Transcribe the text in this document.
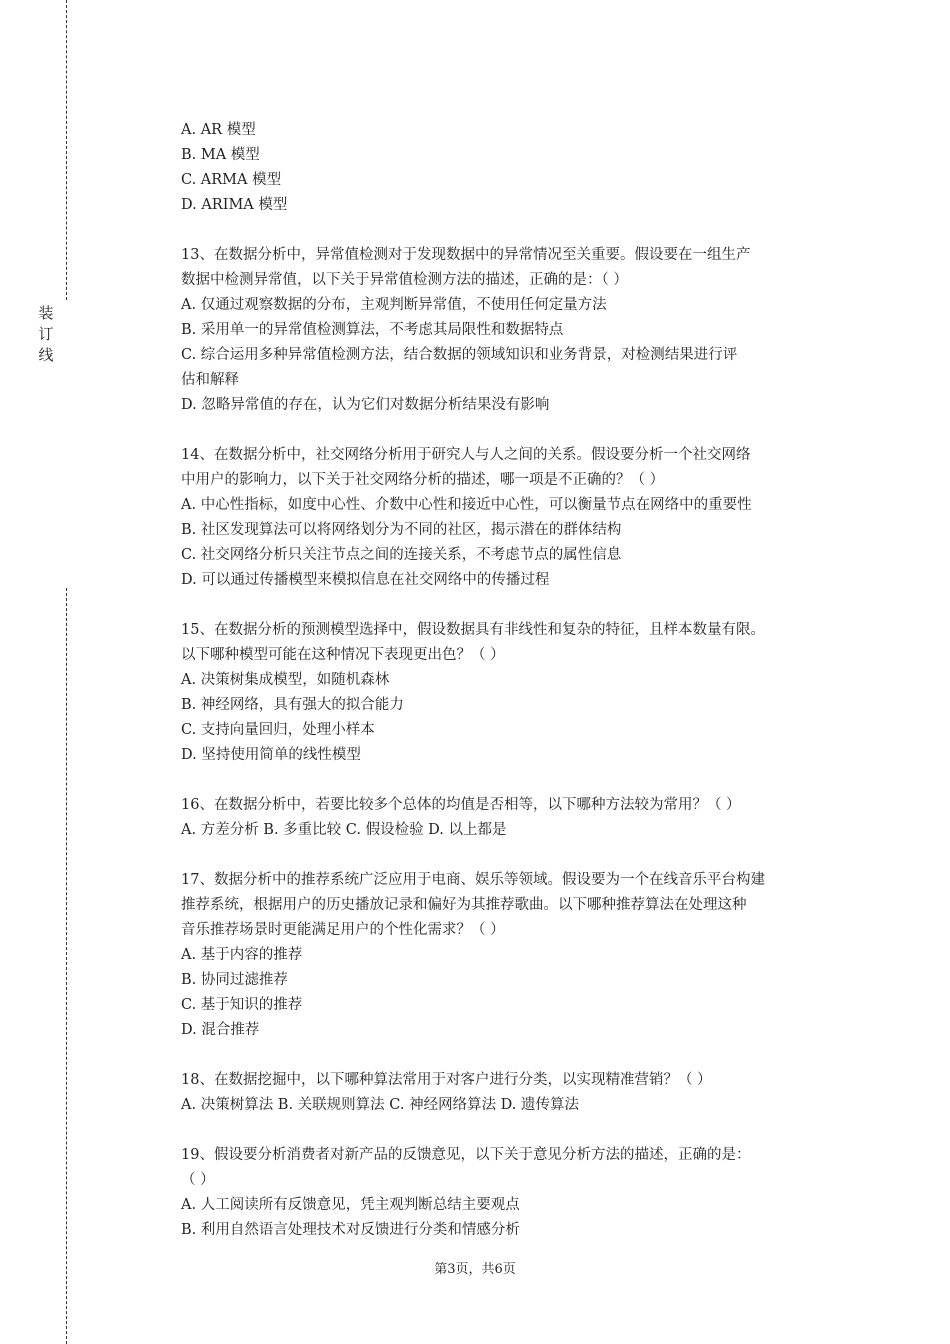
装订线
A. AR 模型
B. MA 模型
C. ARMA 模型
D. ARIMA 模型
13、在数据分析中，异常值检测对于发现数据中的异常情况至关重要。假设要在一组生产
数据中检测异常值，以下关于异常值检测方法的描述，正确的是：（ ）
A. 仅通过观察数据的分布，主观判断异常值，不使用任何定量方法
B. 采用单一的异常值检测算法，不考虑其局限性和数据特点
C. 综合运用多种异常值检测方法，结合数据的领域知识和业务背景，对检测结果进行评
估和解释
D. 忽略异常值的存在，认为它们对数据分析结果没有影响
14、在数据分析中，社交网络分析用于研究人与人之间的关系。假设要分析一个社交网络
中用户的影响力，以下关于社交网络分析的描述，哪一项是不正确的？（ ）
A. 中心性指标，如度中心性、介数中心性和接近中心性，可以衡量节点在网络中的重要性
B. 社区发现算法可以将网络划分为不同的社区，揭示潜在的群体结构
C. 社交网络分析只关注节点之间的连接关系，不考虑节点的属性信息
D. 可以通过传播模型来模拟信息在社交网络中的传播过程
15、在数据分析的预测模型选择中，假设数据具有非线性和复杂的特征，且样本数量有限。
以下哪种模型可能在这种情况下表现更出色？（ ）
A. 决策树集成模型，如随机森林
B. 神经网络，具有强大的拟合能力
C. 支持向量回归，处理小样本
D. 坚持使用简单的线性模型
16、在数据分析中，若要比较多个总体的均值是否相等，以下哪种方法较为常用？（ ）
A. 方差分析 B. 多重比较 C. 假设检验 D. 以上都是
17、数据分析中的推荐系统广泛应用于电商、娱乐等领域。假设要为一个在线音乐平台构建
推荐系统，根据用户的历史播放记录和偏好为其推荐歌曲。以下哪种推荐算法在处理这种
音乐推荐场景时更能满足用户的个性化需求？（ ）
A. 基于内容的推荐
B. 协同过滤推荐
C. 基于知识的推荐
D. 混合推荐
18、在数据挖掘中，以下哪种算法常用于对客户进行分类，以实现精准营销？（ ）
A. 决策树算法 B. 关联规则算法 C. 神经网络算法 D. 遗传算法
19、假设要分析消费者对新产品的反馈意见，以下关于意见分析方法的描述，正确的是：
（ ）
A. 人工阅读所有反馈意见，凭主观判断总结主要观点
B. 利用自然语言处理技术对反馈进行分类和情感分析
第3页，共6页
